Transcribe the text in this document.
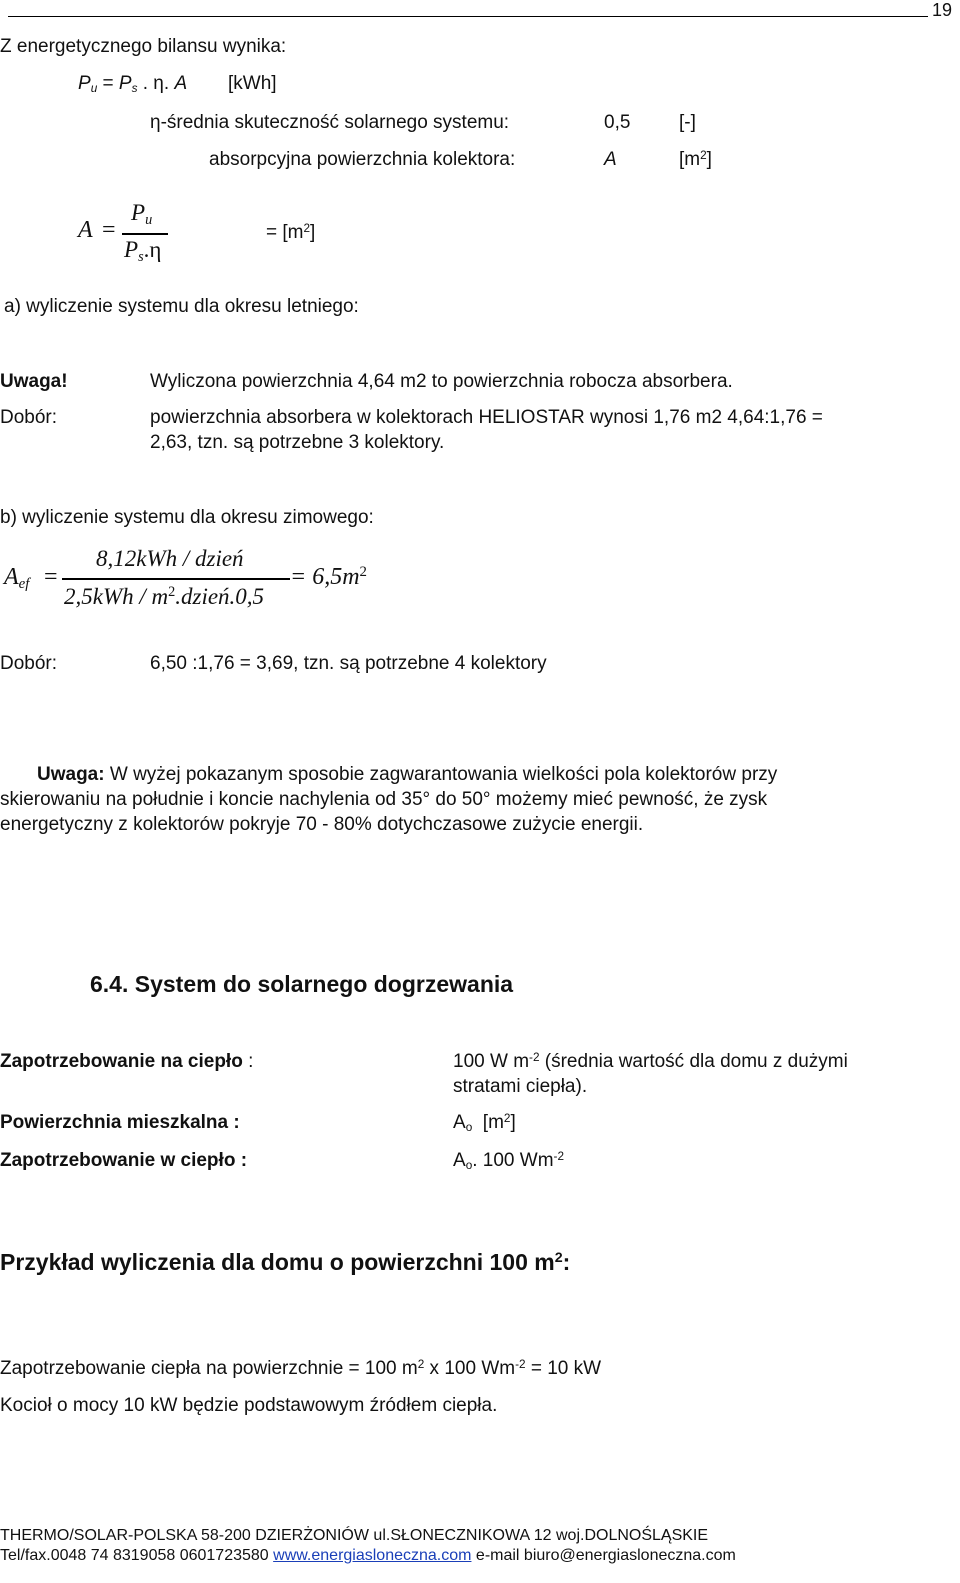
19
Z energetycznego bilansu wynika:
$P_u = P_s$ . η. A [kWh]
η-średnia skuteczność solarnego systemu:	0,5	[-]
absorpcyjna powierzchnia kolektora:	A	$[m^2]$
A =
$P_u$
$P_s.\eta$
= $[m^2]$
a) wyliczenie systemu dla okresu letniego:
Uwaga!	Wyliczona powierzchnia 4,64 m2 to powierzchnia robocza absorbera.
Dobór:	powierzchnia absorbera w kolektorach HELIOSTAR wynosi 1,76 m2 4,64:1,76 =
2,63, tzn. są potrzebne 3 kolektory.
b) wyliczenie systemu dla okresu zimowego:
$A_{ef}$ =
8,12kWh / dzień
$2,5kWh / m^2.dzień.0,5$
= $6,5m^2$
Dobór:	6,50 :1,76 = 3,69, tzn. są potrzebne 4 kolektory
Uwaga: W wyżej pokazanym sposobie zagwarantowania wielkości pola kolektorów przy
skierowaniu na południe i koncie nachylenia od 35° do 50° możemy mieć pewność, że zysk
energetyczny z kolektorów pokryje 70 - 80% dotychczasowe zużycie energii.
6.4. System do solarnego dogrzewania
Zapotrzebowanie na ciepło :	100 W $m^{-2}$ (średnia wartość dla domu z dużymi
stratami ciepła).
Powierzchnia mieszkalna :	$A_o$  $[m^2]$
Zapotrzebowanie w ciepło :	$A_o$. 100 $Wm^{-2}$
Przykład wyliczenia dla domu o powierzchni 100 $m^2$:
Zapotrzebowanie ciepła na powierzchnie = 100 $m^2$ x 100 $Wm^{-2} = 10$ kW
Kocioł o mocy 10 kW będzie podstawowym źródłem ciepła.
THERMO/SOLAR-POLSKA 58-200 DZIERŻONIÓW ul.SŁONECZNIKOWA 12 woj.DOLNOŚLĄSKIE
Tel/fax.0048 74 8319058 0601723580 www.energiasloneczna.com e-mail biuro@energiasloneczna.com
